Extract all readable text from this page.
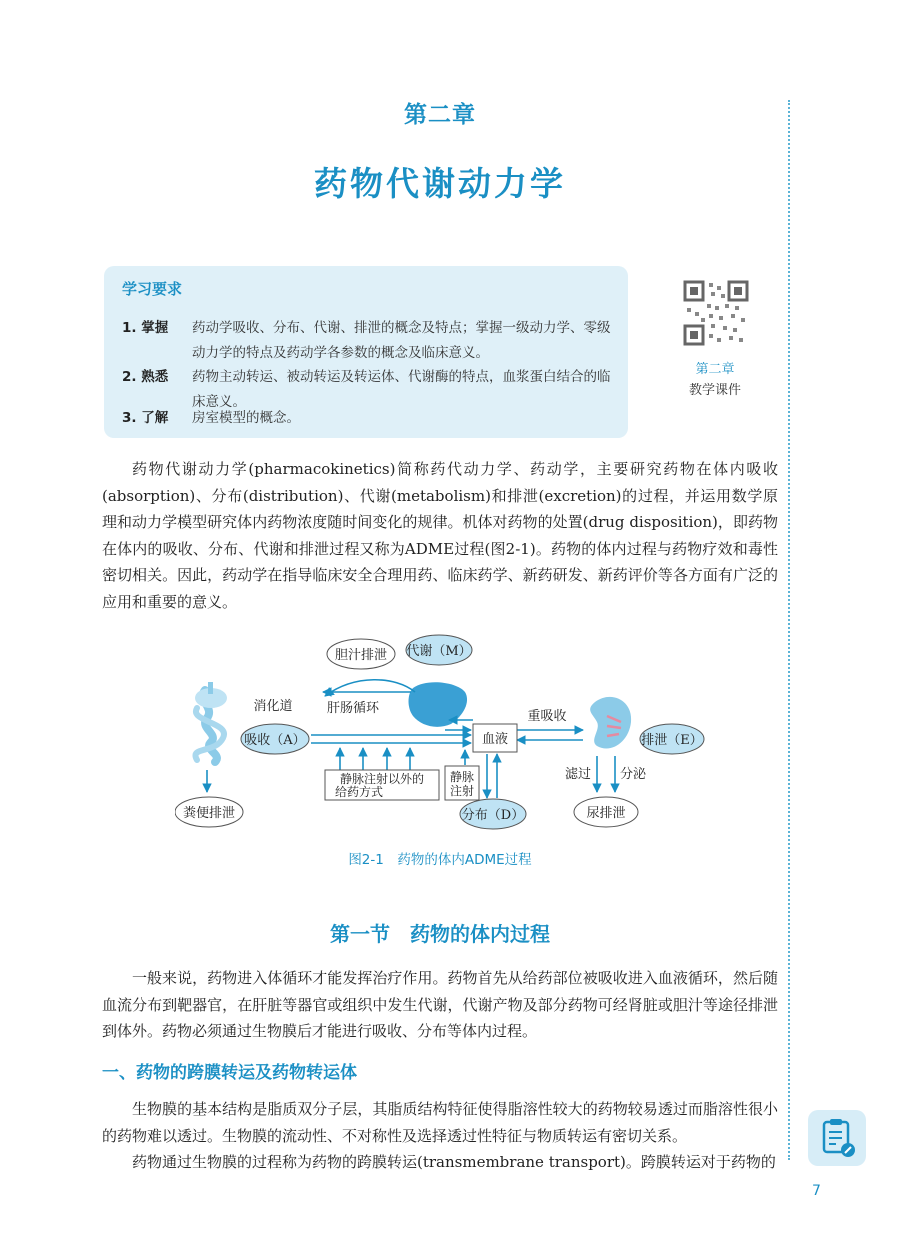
第二章
药物代谢动力学
学习要求
1. 掌握	药动学吸收、分布、代谢、排泄的概念及特点；掌握一级动力学、零级动力学的特点及药动学各参数的概念及临床意义。
2. 熟悉	药物主动转运、被动转运及转运体、代谢酶的特点，血浆蛋白结合的临床意义。
3. 了解	房室模型的概念。
第二章
教学课件

药物代谢动力学(pharmacokinetics)简称药代动力学、药动学，主要研究药物在体内吸收(absorption)、分布(distribution)、代谢(metabolism)和排泄(excretion)的过程，并运用数学原理和动力学模型研究体内药物浓度随时间变化的规律。机体对药物的处置(drug disposition)，即药物在体内的吸收、分布、代谢和排泄过程又称为ADME过程(图2-1)。药物的体内过程与药物疗效和毒性密切相关。因此，药动学在指导临床安全合理用药、临床药学、新药研发、新药评价等各方面有广泛的应用和重要的意义。

胆汁排泄 代谢（M）
消化道	肝肠循环
重吸收
吸收（A）	血液	排泄（E）
静脉注射以外的
给药方式
静脉
注射
滤过 分泌
粪便排泄	分布（D）	尿排泄
图2-1　药物的体内ADME过程
第一节　药物的体内过程

一般来说，药物进入体循环才能发挥治疗作用。药物首先从给药部位被吸收进入血液循环，然后随血流分布到靶器官，在肝脏等器官或组织中发生代谢，代谢产物及部分药物可经肾脏或胆汁等途径排泄到体外。药物必须通过生物膜后才能进行吸收、分布等体内过程。

一、药物的跨膜转运及药物转运体

生物膜的基本结构是脂质双分子层，其脂质结构特征使得脂溶性较大的药物较易透过而脂溶性很小的药物难以透过。生物膜的流动性、不对称性及选择透过性特征与物质转运有密切关系。

药物通过生物膜的过程称为药物的跨膜转运(transmembrane transport)。跨膜转运对于药物的

7
